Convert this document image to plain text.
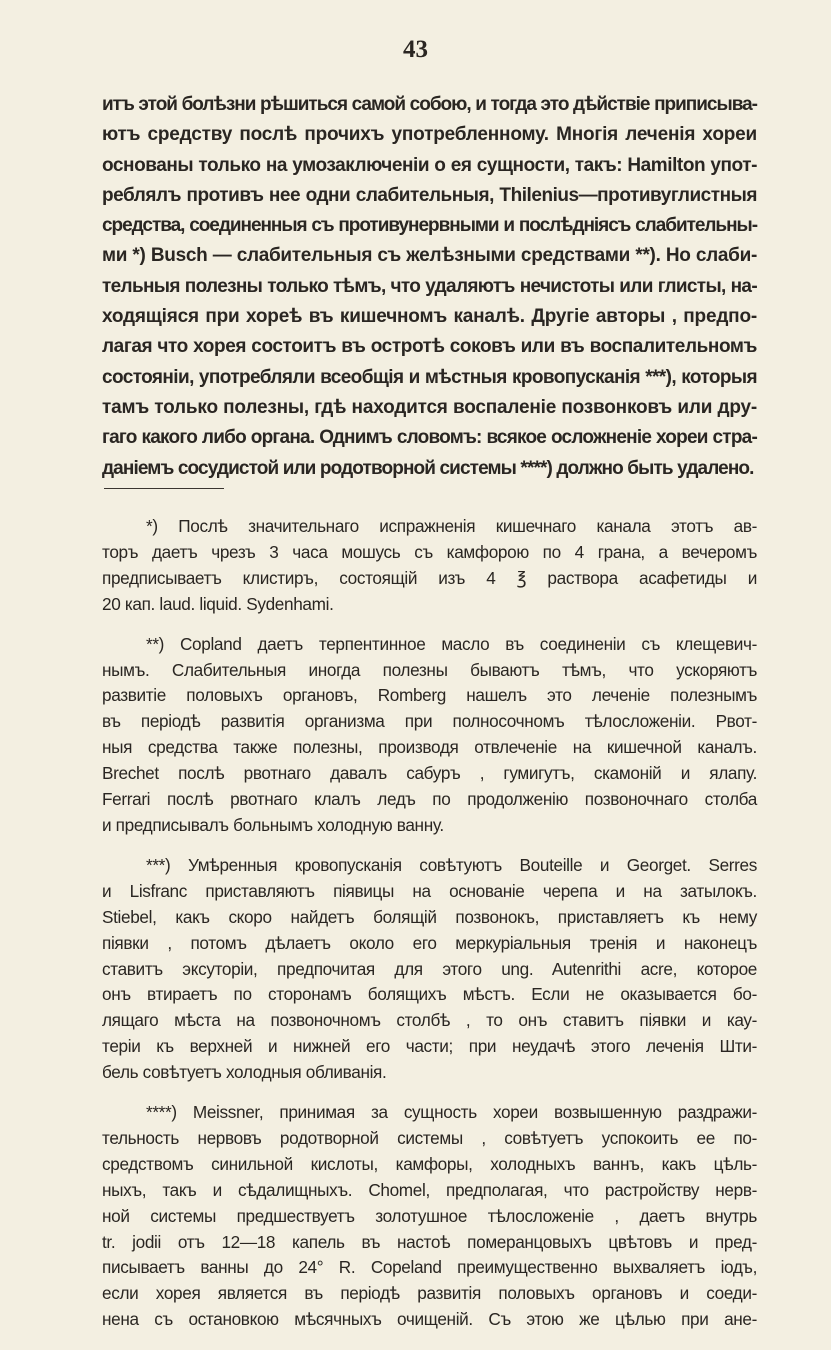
43
итъ этой болѣзни рѣшиться самой собою, и тогда это дѣйствіе приписыва-
ютъ средству послѣ прочихъ употребленному. Многія леченія хореи
основаны только на умозаключеніи о ея сущности, такъ: Hamilton упот-
реблялъ противъ нее одни слабительныя, Thilenius—противуглистныя
средства, соединенныя съ противунервными и послѣдніясъ слабительны-
ми *) Busch — слабительныя съ желѣзными средствами **). Но слаби-
тельныя полезны только тѣмъ, что удаляютъ нечистоты или глисты, на-
ходящіяся при хореѣ въ кишечномъ каналѣ. Другіе авторы , предпо-
лагая что хорея состоитъ въ остротѣ соковъ или въ воспалительномъ
состояніи, употребляли всеобщія и мѣстныя кровопусканія ***), которыя
тамъ только полезны, гдѣ находится воспаленіе позвонковъ или дру-
гаго какого либо органа. Однимъ словомъ: всякое осложненіе хореи стра-
даніемъ сосудистой или родотворной системы ****) должно быть удалено.
*) Послѣ значительнаго испражненія кишечнаго канала этотъ ав-
торъ даетъ чрезъ 3 часа мошусь съ камфорою по 4 грана, а вечеромъ
предписываетъ клистиръ, состоящій изъ 4 ℥ раствора асафетиды и
20 кап. laud. liquid. Sydenhami.
**) Copland даетъ терпентинное масло въ соединеніи съ клещевич-
нымъ. Слабительныя иногда полезны бываютъ тѣмъ, что ускоряютъ
развитіе половыхъ органовъ, Romberg нашелъ это леченіе полезнымъ
въ періодѣ развитія организма при полносочномъ тѣлосложеніи. Рвот-
ныя средства также полезны, производя отвлеченіе на кишечной каналъ.
Brechet послѣ рвотнаго давалъ сабуръ , гумигутъ, скамоній и ялапу.
Ferrari послѣ рвотнаго клалъ ледъ по продолженію позвоночнаго столба
и предписывалъ больнымъ холодную ванну.
***) Умѣренныя кровопусканія совѣтуютъ Bouteille и Georget. Serres
и Lisfranc приставляютъ піявицы на основаніе черепа и на затылокъ.
Stiebel, какъ скоро найдетъ болящій позвонокъ, приставляетъ къ нему
піявки , потомъ дѣлаетъ около его меркуріальныя тренія и наконецъ
ставитъ эксуторіи, предпочитая для этого ung. Autenrithi acre, которое
онъ втираетъ по сторонамъ болящихъ мѣстъ. Если не оказывается бо-
лящаго мѣста на позвоночномъ столбѣ , то онъ ставитъ піявки и кау-
теріи къ верхней и нижней его части; при неудачѣ этого леченія Шти-
бель совѣтуетъ холодныя обливанія.
****) Meissner, принимая за сущность хореи возвышенную раздражи-
тельность нервовъ родотворной системы , совѣтуетъ успокоить ее по-
средствомъ синильной кислоты, камфоры, холодныхъ ваннъ, какъ цѣль-
ныхъ, такъ и сѣдалищныхъ. Chomel, предполагая, что растройству нерв-
ной системы предшествуетъ золотушное тѣлосложеніе , даетъ внутрь
tr. jodii отъ 12—18 капель въ настоѣ померанцовыхъ цвѣтовъ и пред-
писываетъ ванны до 24° R. Copeland преимущественно выхваляетъ іодъ,
если хорея является въ періодѣ развитія половыхъ органовъ и соеди-
нена съ остановкою мѣсячныхъ очищеній. Съ этою же цѣлью при ане-
